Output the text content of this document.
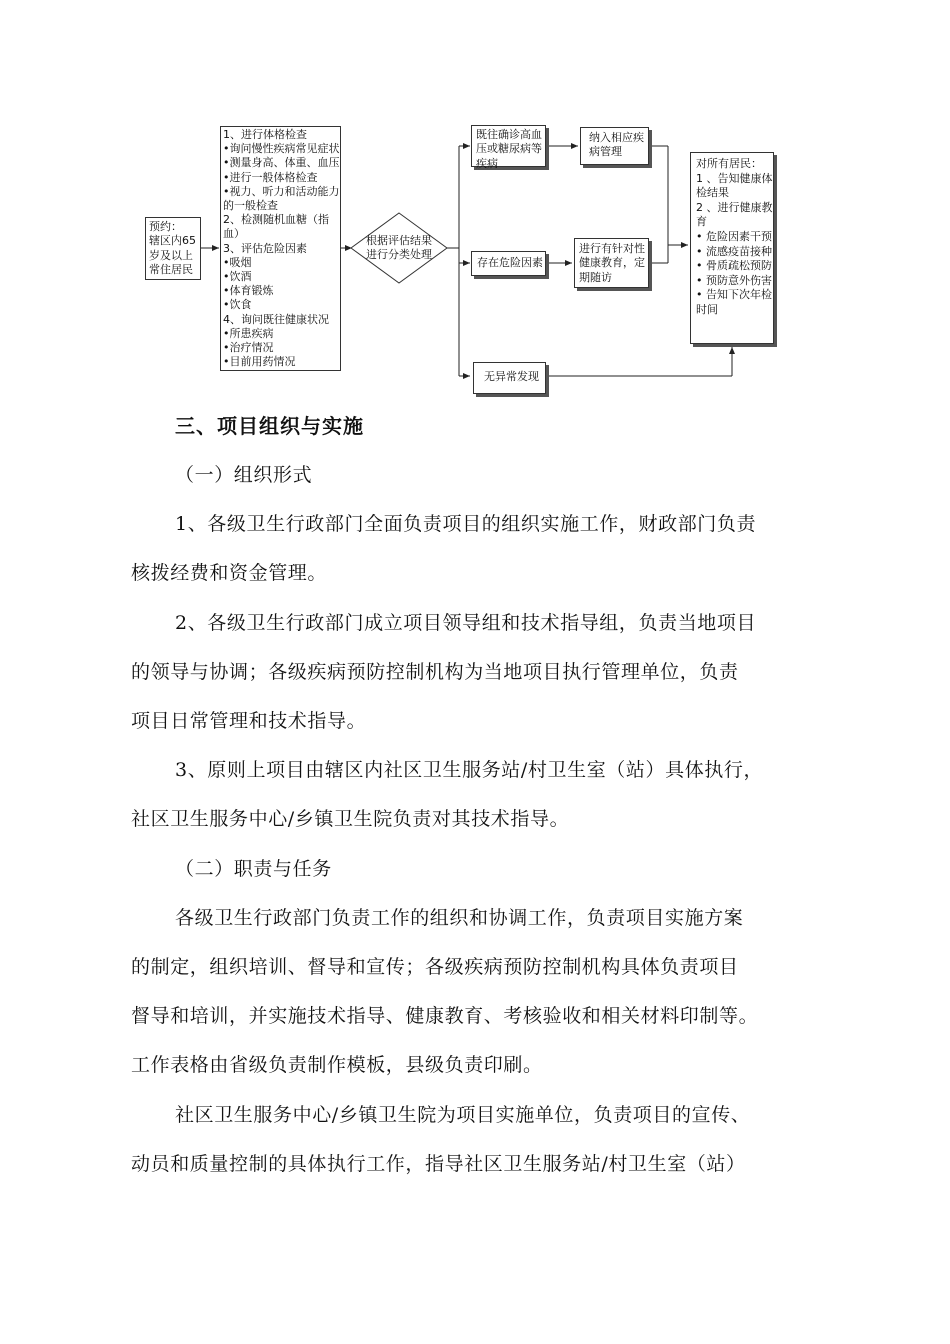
预约：
辖区内65
岁及以上
常住居民
1、进行体格检查
•询问慢性疾病常见症状
•测量身高、体重、血压
•进行一般体格检查
•视力、听力和活动能力
的一般检查
2、检测随机血糖（指
血）
3、评估危险因素
•吸烟
•饮酒
•体育锻炼
•饮食
4、询问既往健康状况
•所患疾病
•治疗情况
•目前用药情况
根据评估结果
进行分类处理
既往确诊高血
压或糖尿病等
疾病
纳入相应疾
病管理
存在危险因素
进行有针对性
健康教育，定
期随访
无异常发现
对所有居民：
1 、告知健康体
检结果
2 、进行健康教
育
• 危险因素干预
• 流感疫苗接种
• 骨质疏松预防
• 预防意外伤害
• 告知下次年检
时间
三、项目组织与实施
（一）组织形式
1、各级卫生行政部门全面负责项目的组织实施工作，财政部门负责
核拨经费和资金管理。
2、各级卫生行政部门成立项目领导组和技术指导组，负责当地项目
的领导与协调；各级疾病预防控制机构为当地项目执行管理单位，负责
项目日常管理和技术指导。
3、原则上项目由辖区内社区卫生服务站/村卫生室（站）具体执行，
社区卫生服务中心/乡镇卫生院负责对其技术指导。
（二）职责与任务
各级卫生行政部门负责工作的组织和协调工作，负责项目实施方案
的制定，组织培训、督导和宣传；各级疾病预防控制机构具体负责项目
督导和培训，并实施技术指导、健康教育、考核验收和相关材料印制等。
工作表格由省级负责制作模板，县级负责印刷。
社区卫生服务中心/乡镇卫生院为项目实施单位，负责项目的宣传、
动员和质量控制的具体执行工作，指导社区卫生服务站/村卫生室（站）
